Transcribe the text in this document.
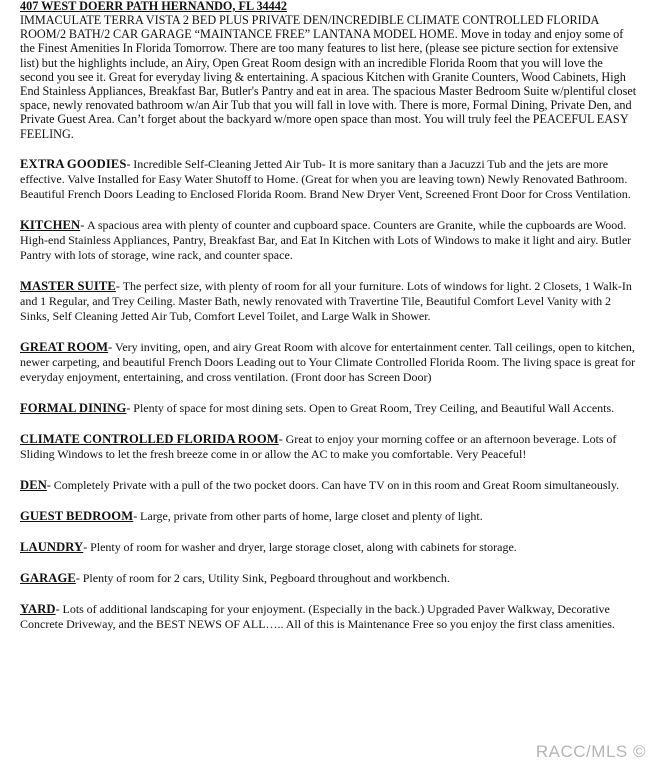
407 WEST DOERR PATH HERNANDO, FL 34442

IMMACULATE TERRA VISTA 2 BED PLUS PRIVATE DEN/INCREDIBLE CLIMATE CONTROLLED FLORIDA ROOM/2 BATH/2 CAR GARAGE “MAINTANCE FREE” LANTANA MODEL HOME. Move in today and enjoy some of the Finest Amenities In Florida Tomorrow. There are too many features to list here, (please see picture section for extensive list) but the highlights include, an Airy, Open Great Room design with an incredible Florida Room that you will love the second you see it. Great for everyday living & entertaining. A spacious Kitchen with Granite Counters, Wood Cabinets, High End Stainless Appliances, Breakfast Bar, Butler's Pantry and eat in area. The spacious Master Bedroom Suite w/plentiful closet space, newly renovated bathroom w/an Air Tub that you will fall in love with. There is more, Formal Dining, Private Den, and Private Guest Area. Can’t forget about the backyard w/more open space than most. You will truly feel the PEACEFUL EASY FEELING.

EXTRA GOODIES- Incredible Self-Cleaning Jetted Air Tub- It is more sanitary than a Jacuzzi Tub and the jets are more effective. Valve Installed for Easy Water Shutoff to Home. (Great for when you are leaving town) Newly Renovated Bathroom. Beautiful French Doors Leading to Enclosed Florida Room. Brand New Dryer Vent, Screened Front Door for Cross Ventilation.

KITCHEN- A spacious area with plenty of counter and cupboard space. Counters are Granite, while the cupboards are Wood. High-end Stainless Appliances, Pantry, Breakfast Bar, and Eat In Kitchen with Lots of Windows to make it light and airy. Butler Pantry with lots of storage, wine rack, and counter space.

MASTER SUITE- The perfect size, with plenty of room for all your furniture. Lots of windows for light. 2 Closets, 1 Walk-In and 1 Regular, and Trey Ceiling. Master Bath, newly renovated with Travertine Tile, Beautiful Comfort Level Vanity with 2 Sinks, Self Cleaning Jetted Air Tub, Comfort Level Toilet, and Large Walk in Shower.

GREAT ROOM- Very inviting, open, and airy Great Room with alcove for entertainment center. Tall ceilings, open to kitchen, newer carpeting, and beautiful French Doors Leading out to Your Climate Controlled Florida Room. The living space is great for everyday enjoyment, entertaining, and cross ventilation. (Front door has Screen Door)

FORMAL DINING- Plenty of space for most dining sets. Open to Great Room, Trey Ceiling, and Beautiful Wall Accents.

CLIMATE CONTROLLED FLORIDA ROOM- Great to enjoy your morning coffee or an afternoon beverage. Lots of Sliding Windows to let the fresh breeze come in or allow the AC to make you comfortable. Very Peaceful!

DEN- Completely Private with a pull of the two pocket doors. Can have TV on in this room and Great Room simultaneously.

GUEST BEDROOM- Large, private from other parts of home, large closet and plenty of light.

LAUNDRY- Plenty of room for washer and dryer, large storage closet, along with cabinets for storage.

GARAGE- Plenty of room for 2 cars, Utility Sink, Pegboard throughout and workbench.

YARD- Lots of additional landscaping for your enjoyment. (Especially in the back.) Upgraded Paver Walkway, Decorative Concrete Driveway, and the BEST NEWS OF ALL….. All of this is Maintenance Free so you enjoy the first class amenities.

RACC/MLS ©
